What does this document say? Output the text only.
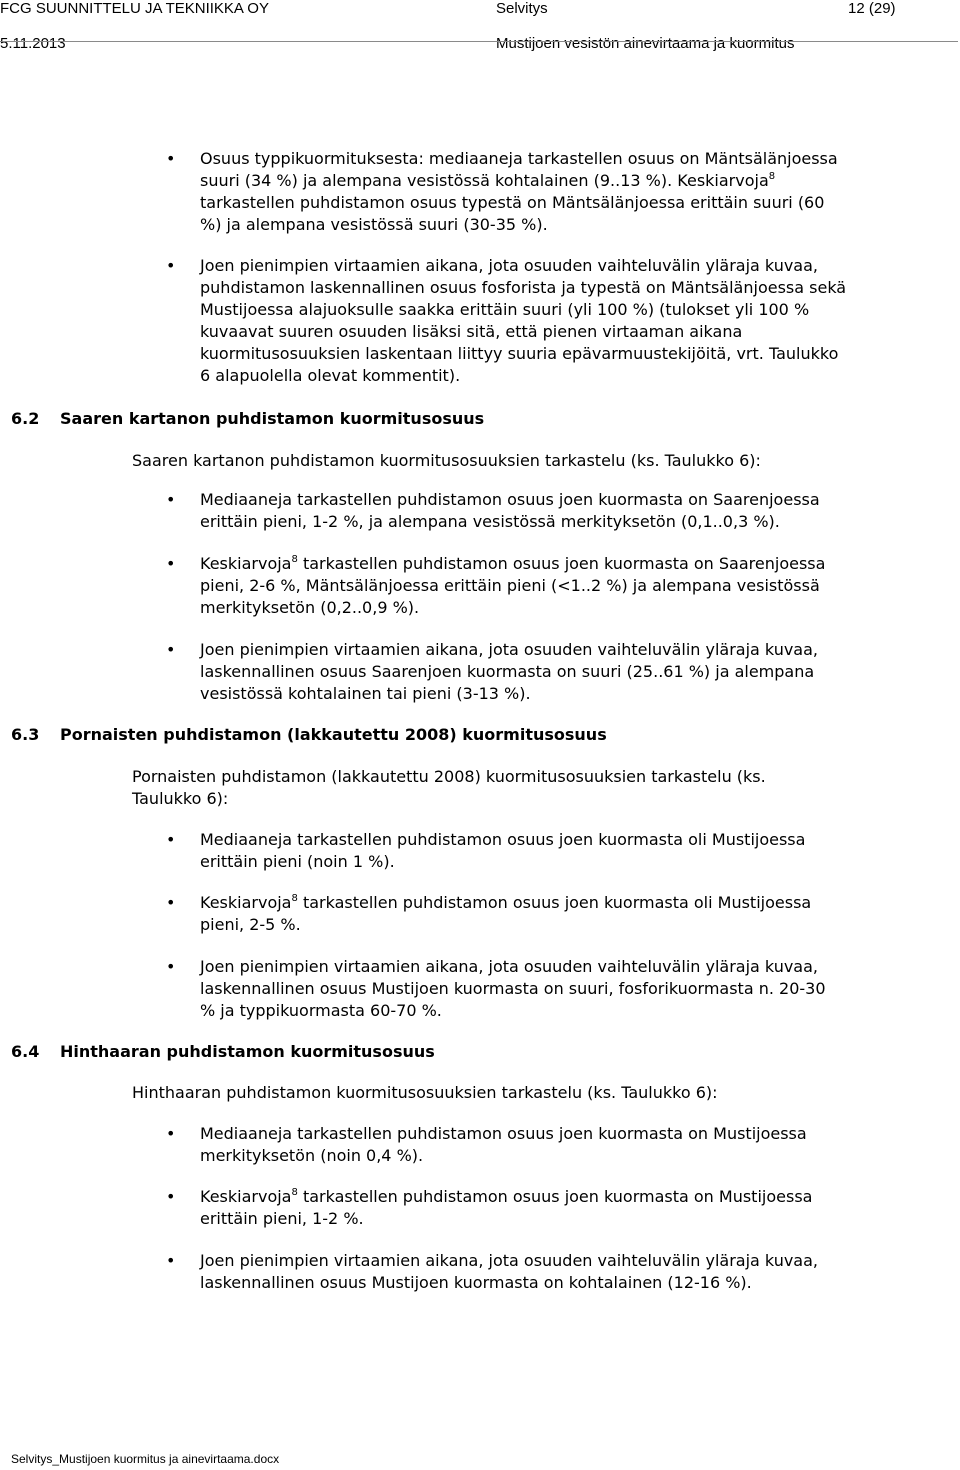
FCG SUUNNITTELU JA TEKNIIKKA OY
5.11.2013
Selvitys
Mustijoen vesistön ainevirtaama ja kuormitus
12 (29)
• Osuus typpikuormituksesta: mediaaneja tarkastellen osuus on Mäntsälänjoessa
suuri (34 %) ja alempana vesistössä kohtalainen (9..13 %). Keskiarvoja$^8$
tarkastellen puhdistamon osuus typestä on Mäntsälänjoessa erittäin suuri (60
%) ja alempana vesistössä suuri (30-35 %).
• Joen pienimpien virtaamien aikana, jota osuuden vaihteluvälin yläraja kuvaa,
puhdistamon laskennallinen osuus fosforista ja typestä on Mäntsälänjoessa sekä
Mustijoessa alajuoksulle saakka erittäin suuri (yli 100 %) (tulokset yli 100 %
kuvaavat suuren osuuden lisäksi sitä, että pienen virtaaman aikana
kuormitusosuuksien laskentaan liittyy suuria epävarmuustekijöitä, vrt. Taulukko
6 alapuolella olevat kommentit).
6.2 Saaren kartanon puhdistamon kuormitusosuus
Saaren kartanon puhdistamon kuormitusosuuksien tarkastelu (ks. Taulukko 6):
• Mediaaneja tarkastellen puhdistamon osuus joen kuormasta on Saarenjoessa
erittäin pieni, 1-2 %, ja alempana vesistössä merkityksetön (0,1..0,3 %).
• Keskiarvoja$^8$ tarkastellen puhdistamon osuus joen kuormasta on Saarenjoessa
pieni, 2-6 %, Mäntsälänjoessa erittäin pieni (<1..2 %) ja alempana vesistössä
merkityksetön (0,2..0,9 %).
• Joen pienimpien virtaamien aikana, jota osuuden vaihteluvälin yläraja kuvaa,
laskennallinen osuus Saarenjoen kuormasta on suuri (25..61 %) ja alempana
vesistössä kohtalainen tai pieni (3-13 %).
6.3 Pornaisten puhdistamon (lakkautettu 2008) kuormitusosuus
Pornaisten puhdistamon (lakkautettu 2008) kuormitusosuuksien tarkastelu (ks.
Taulukko 6):
• Mediaaneja tarkastellen puhdistamon osuus joen kuormasta oli Mustijoessa
erittäin pieni (noin 1 %).
• Keskiarvoja$^8$ tarkastellen puhdistamon osuus joen kuormasta oli Mustijoessa
pieni, 2-5 %.
• Joen pienimpien virtaamien aikana, jota osuuden vaihteluvälin yläraja kuvaa,
laskennallinen osuus Mustijoen kuormasta on suuri, fosforikuormasta n. 20-30
% ja typpikuormasta 60-70 %.
6.4 Hinthaaran puhdistamon kuormitusosuus
Hinthaaran puhdistamon kuormitusosuuksien tarkastelu (ks. Taulukko 6):
• Mediaaneja tarkastellen puhdistamon osuus joen kuormasta on Mustijoessa
merkityksetön (noin 0,4 %).
• Keskiarvoja$^8$ tarkastellen puhdistamon osuus joen kuormasta on Mustijoessa
erittäin pieni, 1-2 %.
• Joen pienimpien virtaamien aikana, jota osuuden vaihteluvälin yläraja kuvaa,
laskennallinen osuus Mustijoen kuormasta on kohtalainen (12-16 %).
Selvitys_Mustijoen kuormitus ja ainevirtaama.docx
